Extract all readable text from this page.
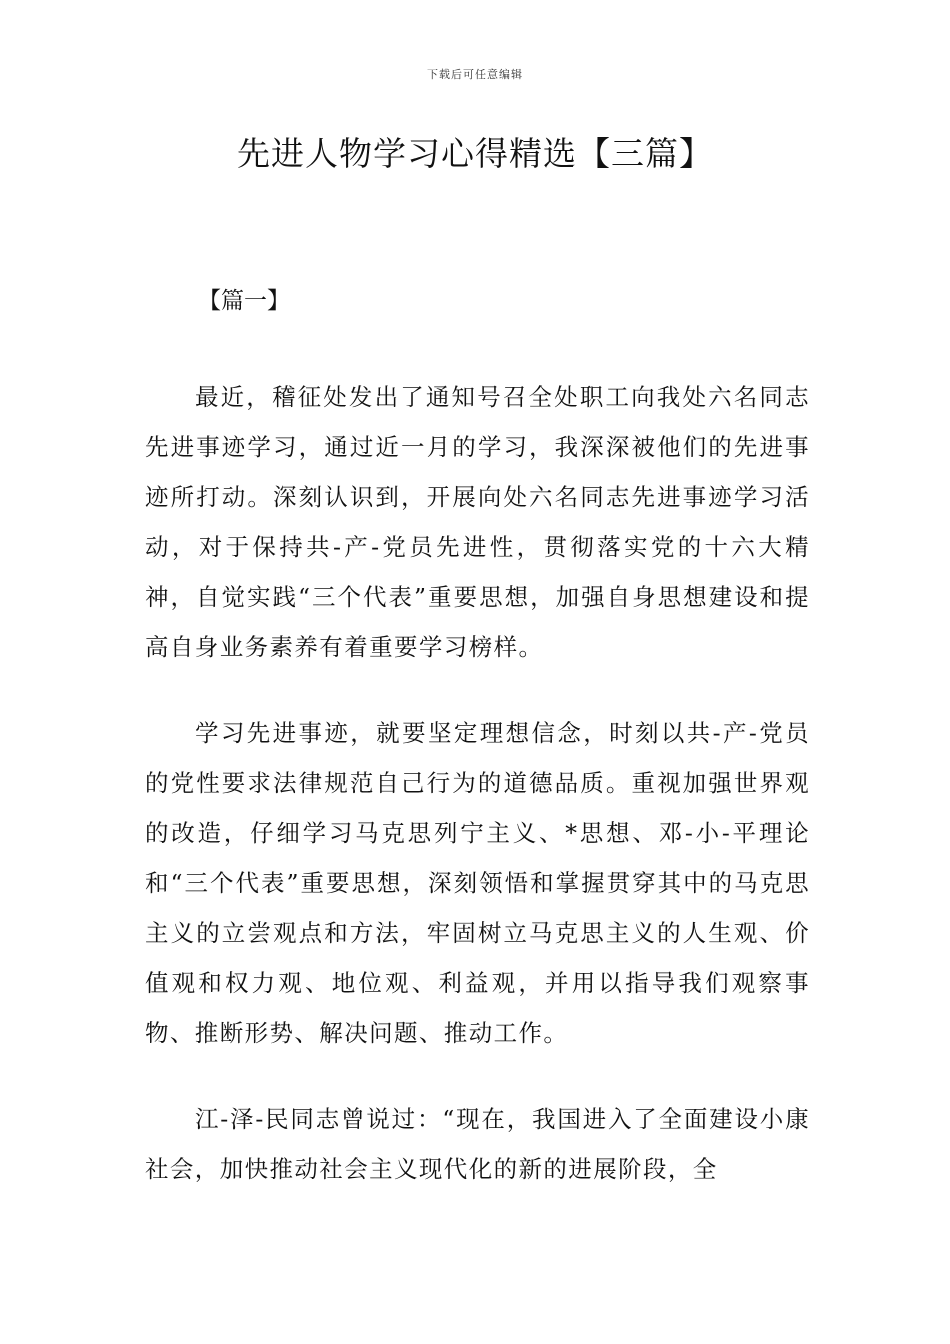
下载后可任意编辑
先进人物学习心得精选【三篇】
【篇一】

最近，稽征处发出了通知号召全处职工向我处六名同志先进事迹学习，通过近一月的学习，我深深被他们的先进事迹所打动。深刻认识到，开展向处六名同志先进事迹学习活动，对于保持共-产-党员先进性，贯彻落实党的十六大精神，自觉实践“三个代表”重要思想，加强自身思想建设和提高自身业务素养有着重要学习榜样。

学习先进事迹，就要坚定理想信念，时刻以共-产-党员的党性要求法律规范自己行为的道德品质。重视加强世界观的改造，仔细学习马克思列宁主义、*思想、邓-小-平理论和“三个代表”重要思想，深刻领悟和掌握贯穿其中的马克思主义的立尝观点和方法，牢固树立马克思主义的人生观、价值观和权力观、地位观、利益观，并用以指导我们观察事物、推断形势、解决问题、推动工作。

江-泽-民同志曾说过：“现在，我国进入了全面建设小康社会，加快推动社会主义现代化的新的进展阶段，全
